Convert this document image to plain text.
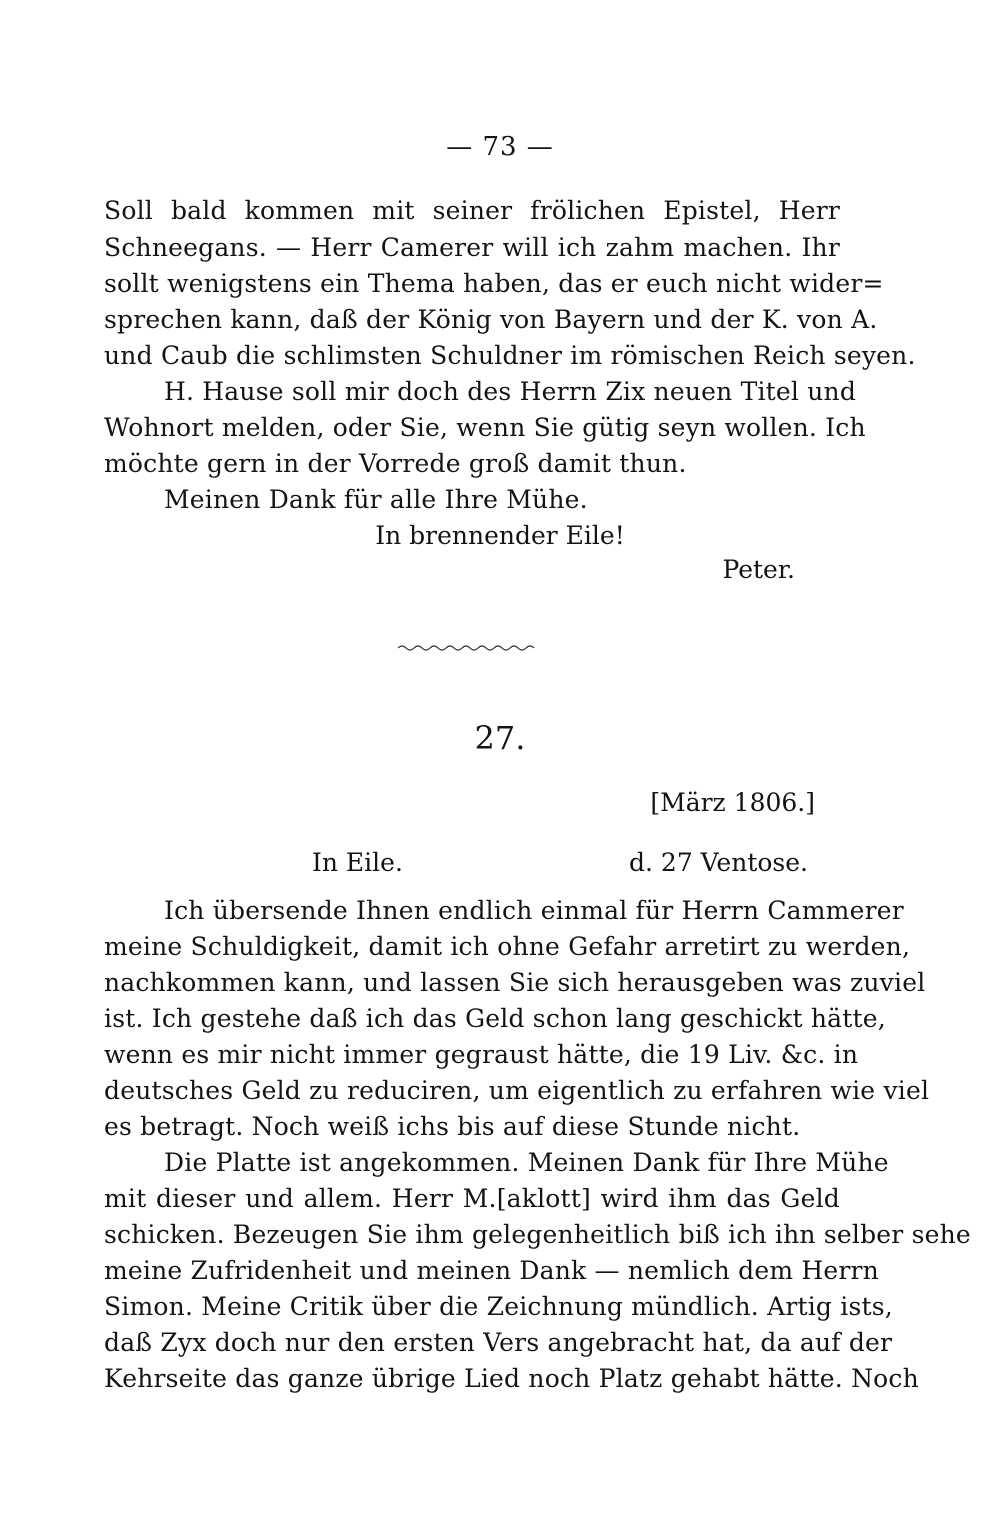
— 73 —
Soll bald kommen mit seiner frölichen Epistel, Herr
Schneegans. — Herr Camerer will ich zahm machen. Ihr
sollt wenigstens ein Thema haben, das er euch nicht wider=
sprechen kann, daß der König von Bayern und der K. von A.
und Caub die schlimsten Schuldner im römischen Reich seyen.
H. Hause soll mir doch des Herrn Zix neuen Titel und
Wohnort melden, oder Sie, wenn Sie gütig seyn wollen. Ich
möchte gern in der Vorrede groß damit thun.
Meinen Dank für alle Ihre Mühe.
In brennender Eile!
Peter.
27.
[März 1806.]
In Eile.	d. 27 Ventose.
Ich übersende Ihnen endlich einmal für Herrn Cammerer
meine Schuldigkeit, damit ich ohne Gefahr arretirt zu werden,
nachkommen kann, und lassen Sie sich herausgeben was zuviel
ist. Ich gestehe daß ich das Geld schon lang geschickt hätte,
wenn es mir nicht immer gegraust hätte, die 19 Liv. &c. in
deutsches Geld zu reduciren, um eigentlich zu erfahren wie viel
es betragt. Noch weiß ichs bis auf diese Stunde nicht.
Die Platte ist angekommen. Meinen Dank für Ihre Mühe
mit dieser und allem. Herr M.[aklott] wird ihm das Geld
schicken. Bezeugen Sie ihm gelegenheitlich biß ich ihn selber sehe
meine Zufridenheit und meinen Dank — nemlich dem Herrn
Simon. Meine Critik über die Zeichnung mündlich. Artig ists,
daß Zyx doch nur den ersten Vers angebracht hat, da auf der
Kehrseite das ganze übrige Lied noch Platz gehabt hätte. Noch
